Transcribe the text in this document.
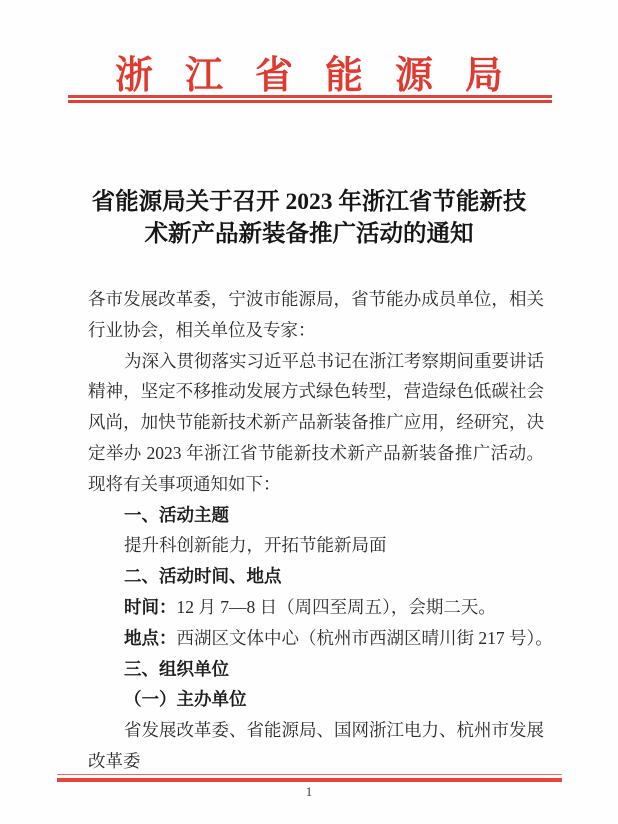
浙江省能源局
省能源局关于召开 2023 年浙江省节能新技
术新产品新装备推广活动的通知

各市发展改革委，宁波市能源局，省节能办成员单位，相关行业协会，相关单位及专家：

为深入贯彻落实习近平总书记在浙江考察期间重要讲话精神，坚定不移推动发展方式绿色转型，营造绿色低碳社会风尚，加快节能新技术新产品新装备推广应用，经研究，决定举办 2023 年浙江省节能新技术新产品新装备推广活动。现将有关事项通知如下：

一、活动主题

提升科创新能力，开拓节能新局面

二、活动时间、地点

时间：12 月 7—8 日（周四至周五），会期二天。

地点：西湖区文体中心（杭州市西湖区晴川街 217 号）。

三、组织单位

（一）主办单位

省发展改革委、省能源局、国网浙江电力、杭州市发展改革委

1
